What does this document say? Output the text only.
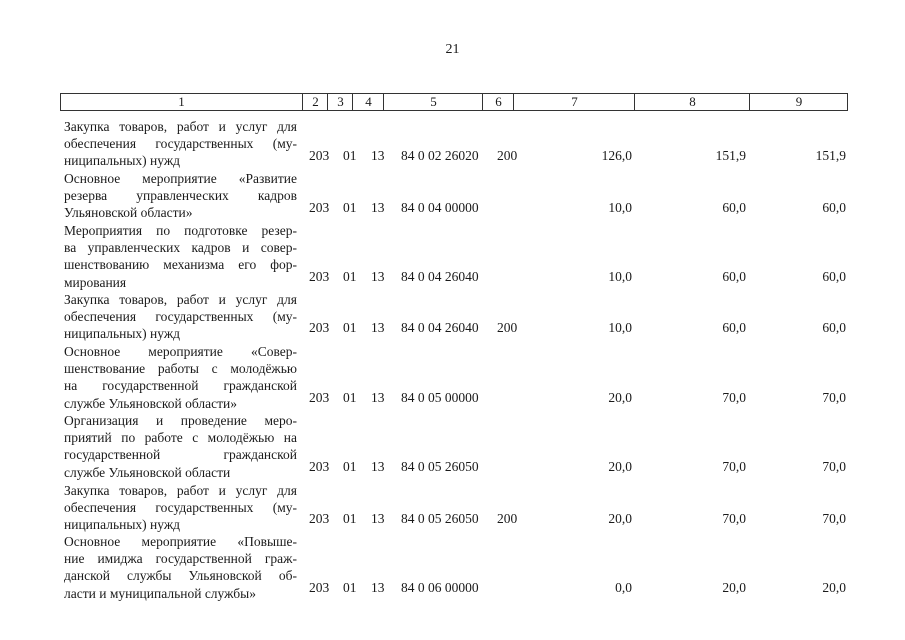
21
1	2	3	4	5	6	7	8	9
Закупка товаров, работ и услуг для
обеспечения государственных (му-
ниципальных) нужд	203 01 13 84 0 02 26020 200	126,0	151,9	151,9
Основное мероприятие «Развитие
резерва управленческих кадров
Ульяновской области»	203 01 13 84 0 04 00000	10,0	60,0	60,0
Мероприятия по подготовке резер-
ва управленческих кадров и совер-
шенствованию механизма его фор-
мирования	203 01 13 84 0 04 26040	10,0	60,0	60,0
Закупка товаров, работ и услуг для
обеспечения государственных (му-
ниципальных) нужд	203 01 13 84 0 04 26040 200	10,0	60,0	60,0
Основное мероприятие «Совер-
шенствование работы с молодёжью
на государственной гражданской
службе Ульяновской области»	203 01 13 84 0 05 00000	20,0	70,0	70,0
Организация и проведение меро-
приятий по работе с молодёжью на
государственной гражданской
службе Ульяновской области	203 01 13 84 0 05 26050	20,0	70,0	70,0
Закупка товаров, работ и услуг для
обеспечения государственных (му-
ниципальных) нужд	203 01 13 84 0 05 26050 200	20,0	70,0	70,0
Основное мероприятие «Повыше-
ние имиджа государственной граж-
данской службы Ульяновской об-
ласти и муниципальной службы»	203 01 13 84 0 06 00000	0,0	20,0	20,0
